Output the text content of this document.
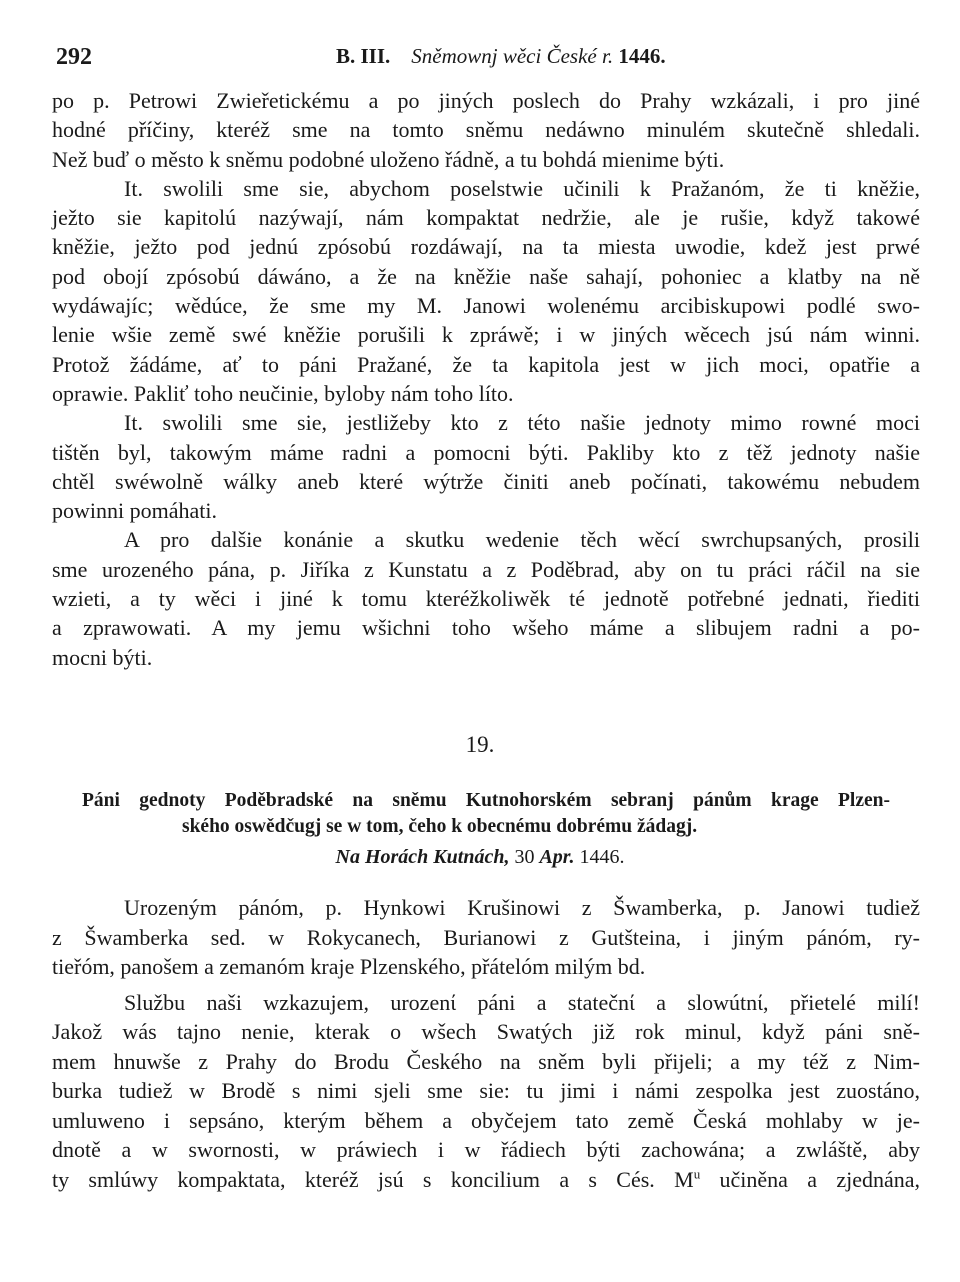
292	B. III. Sněmownj wěci České r. 1446.
po p. Petrowi Zwieřetickému a po jiných poslech do Prahy wzkázali, i pro jiné
hodné příčiny, kteréž sme na tomto sněmu nedáwno minulém skutečně shledali.
Než buď o město k sněmu podobné uloženo řádně, a tu bohdá mienime býti.
It. swolili sme sie, abychom poselstwie učinili k Pražanóm, že ti kněžie,
ježto sie kapitolú nazýwají, nám kompaktat nedržie, ale je rušie, když takowé
kněžie, ježto pod jednú zpósobú rozdáwají, na ta miesta uwodie, kdež jest prwé
pod obojí zpósobú dáwáno, a že na kněžie naše sahají, pohoniec a klatby na ně
wydáwajíc; wědúce, že sme my M. Janowi wolenému arcibiskupowi podlé swo-
lenie wšie země swé kněžie porušili k zpráwě; i w jiných wěcech jsú nám winni.
Protož žádáme, ať to páni Pražané, že ta kapitola jest w jich moci, opatřie a
oprawie. Pakliť toho neučinie, byloby nám toho líto.
It. swolili sme sie, jestližeby kto z této našie jednoty mimo rowné moci
tištěn byl, takowým máme radni a pomocni býti. Pakliby kto z těž jednoty našie
chtěl swéwolně wálky aneb které wýtrže činiti aneb počínati, takowému nebudem
powinni pomáhati.
A pro dalšie konánie a skutku wedenie těch wěcí swrchupsaných, prosili
sme urozeného pána, p. Jiříka z Kunstatu a z Poděbrad, aby on tu práci ráčil na sie
wzieti, a ty wěci i jiné k tomu kteréžkoliwěk té jednotě potřebné jednati, řiediti
a zprawowati. A my jemu wšichni toho wšeho máme a slibujem radni a po-
mocni býti.
19.
Páni gednoty Poděbradské na sněmu Kutnohorském sebranj pánům krage Plzen-
ského oswědčugj se w tom, čeho k obecnému dobrému žádagj.
Na Horách Kutnách, 30 Apr. 1446.
Urozeným pánóm, p. Hynkowi Krušinowi z Šwamberka, p. Janowi tudiež
z Šwamberka sed. w Rokycanech, Burianowi z Gutšteina, i jiným pánóm, ry-
tieřóm, panošem a zemanóm kraje Plzenského, přátelóm milým bd.
Službu naši wzkazujem, urozenί páni a statečnί a slowútnί, přietelé milí!
Jakož wás tajno nenie, kterak o wšech Swatých již rok minul, když páni sně-
mem hnuwše z Prahy do Brodu Českého na sněm byli přijeli; a my též z Nim-
burka tudiež w Brodě s nimi sjeli sme sie: tu jimi i námi zespolka jest zuostáno,
umluweno i sepsáno, kterým během a obyčejem tato země Česká mohlaby w je-
dnotě a w swornosti, w práwiech i w řádiech býti zachowána; a zwláště, aby
ty smlúwy kompaktata, kteréž jsú s koncilium a s Cés. $M^u$ učiněna a zjednána,
